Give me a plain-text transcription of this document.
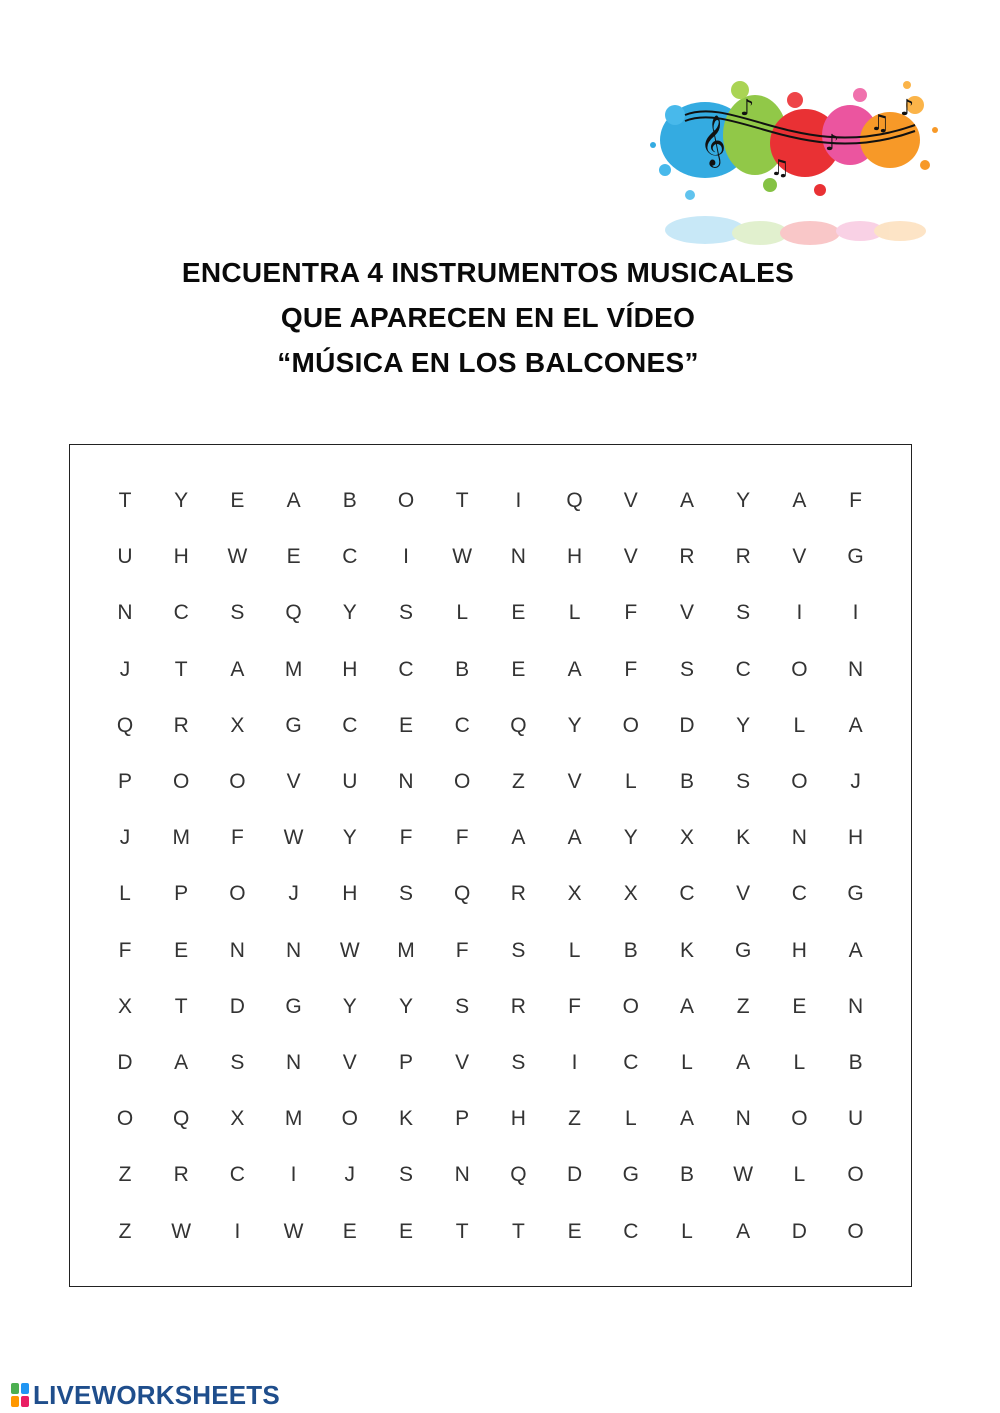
𝄞
♪
♫
♪
♫
♪
ENCUENTRA 4 INSTRUMENTOS MUSICALES
QUE APARECEN EN EL VÍDEO
“MÚSICA EN LOS BALCONES”
T	Y	E	A	B	O	T	I	Q	V	A	Y	A	F
U	H	W	E	C	I	W	N	H	V	R	R	V	G
N	C	S	Q	Y	S	L	E	L	F	V	S	I	I
J	T	A	M	H	C	B	E	A	F	S	C	O	N
Q	R	X	G	C	E	C	Q	Y	O	D	Y	L	A
P	O	O	V	U	N	O	Z	V	L	B	S	O	J
J	M	F	W	Y	F	F	A	A	Y	X	K	N	H
L	P	O	J	H	S	Q	R	X	X	C	V	C	G
F	E	N	N	W	M	F	S	L	B	K	G	H	A
X	T	D	G	Y	Y	S	R	F	O	A	Z	E	N
D	A	S	N	V	P	V	S	I	C	L	A	L	B
O	Q	X	M	O	K	P	H	Z	L	A	N	O	U
Z	R	C	I	J	S	N	Q	D	G	B	W	L	O
Z	W	I	W	E	E	T	T	E	C	L	A	D	O
LIVEWORKSHEETS
